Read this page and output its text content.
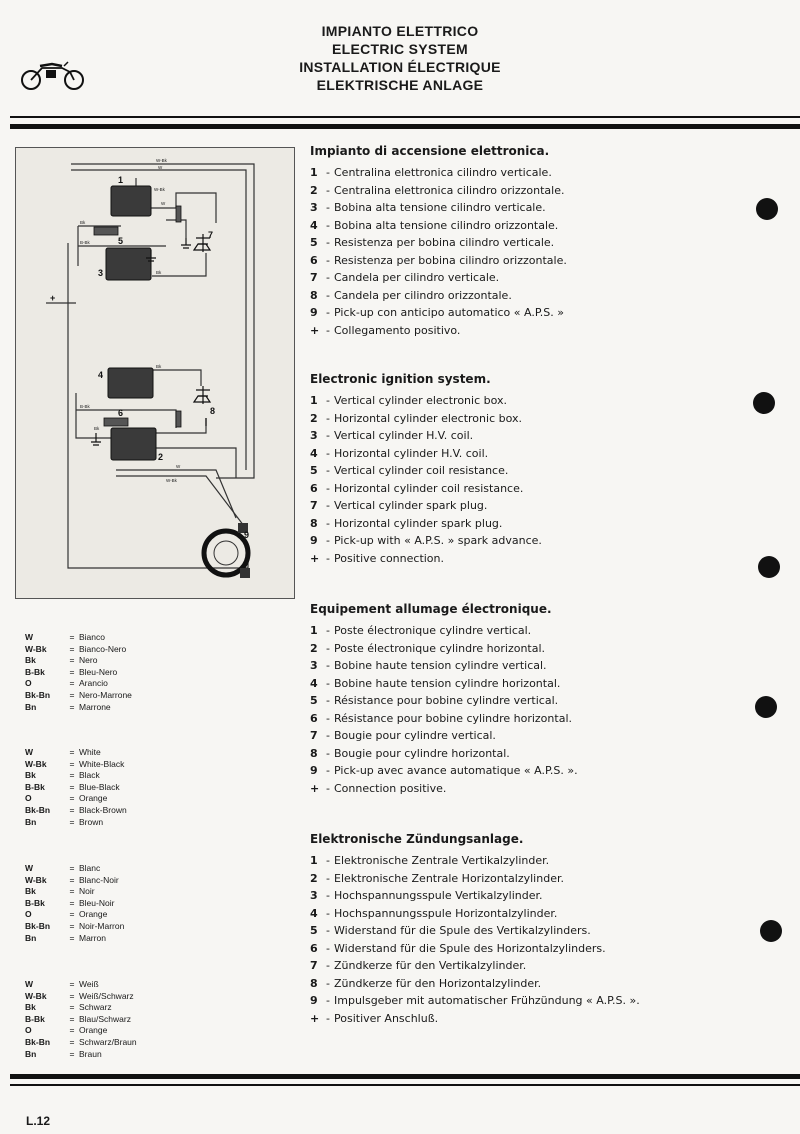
IMPIANTO ELETTRICO
ELECTRIC SYSTEM
INSTALLATION ÉLECTRIQUE
ELEKTRISCHE ANLAGE
1
2
3
4
5
6
7
8
9
+
W-Bk
W
W-Bk
W
Bk
B-Bk
Bk
Bk
B-Bk
Bk
W
W-Bk
W	= Bianco
W-Bk	= Bianco-Nero
Bk	= Nero
B-Bk	= Bleu-Nero
O	= Arancio
Bk-Bn	= Nero-Marrone
Bn	= Marrone
W	= White
W-Bk	= White-Black
Bk	= Black
B-Bk	= Blue-Black
O	= Orange
Bk-Bn	= Black-Brown
Bn	= Brown
W	= Blanc
W-Bk	= Blanc-Noir
Bk	= Noir
B-Bk	= Bleu-Noir
O	= Orange
Bk-Bn	= Noir-Marron
Bn	= Marron
W	= Weiß
W-Bk	= Weiß/Schwarz
Bk	= Schwarz
B-Bk	= Blau/Schwarz
O	= Orange
Bk-Bn	= Schwarz/Braun
Bn	= Braun
Impianto di accensione elettronica.
1 - Centralina elettronica cilindro verticale.
2 - Centralina elettronica cilindro orizzontale.
3 - Bobina alta tensione cilindro verticale.
4 - Bobina alta tensione cilindro orizzontale.
5 - Resistenza per bobina cilindro verticale.
6 - Resistenza per bobina cilindro orizzontale.
7 - Candela per cilindro verticale.
8 - Candela per cilindro orizzontale.
9 - Pick-up con anticipo automatico « A.P.S. »
+ - Collegamento positivo.
Electronic ignition system.
1 - Vertical cylinder electronic box.
2 - Horizontal cylinder electronic box.
3 - Vertical cylinder H.V. coil.
4 - Horizontal cylinder H.V. coil.
5 - Vertical cylinder coil resistance.
6 - Horizontal cylinder coil resistance.
7 - Vertical cylinder spark plug.
8 - Horizontal cylinder spark plug.
9 - Pick-up with « A.P.S. » spark advance.
+ - Positive connection.
Equipement allumage électronique.
1 - Poste électronique cylindre vertical.
2 - Poste électronique cylindre horizontal.
3 - Bobine haute tension cylindre vertical.
4 - Bobine haute tension cylindre horizontal.
5 - Résistance pour bobine cylindre vertical.
6 - Résistance pour bobine cylindre horizontal.
7 - Bougie pour cylindre vertical.
8 - Bougie pour cylindre horizontal.
9 - Pick-up avec avance automatique « A.P.S. ».
+ - Connection positive.
Elektronische Zündungsanlage.
1 - Elektronische Zentrale Vertikalzylinder.
2 - Elektronische Zentrale Horizontalzylinder.
3 - Hochspannungsspule Vertikalzylinder.
4 - Hochspannungsspule Horizontalzylinder.
5 - Widerstand für die Spule des Vertikalzylinders.
6 - Widerstand für die Spule des Horizontalzylinders.
7 - Zündkerze für den Vertikalzylinder.
8 - Zündkerze für den Horizontalzylinder.
9 - Impulsgeber mit automatischer Frühzündung « A.P.S. ».
+ - Positiver Anschluß.
L.12
